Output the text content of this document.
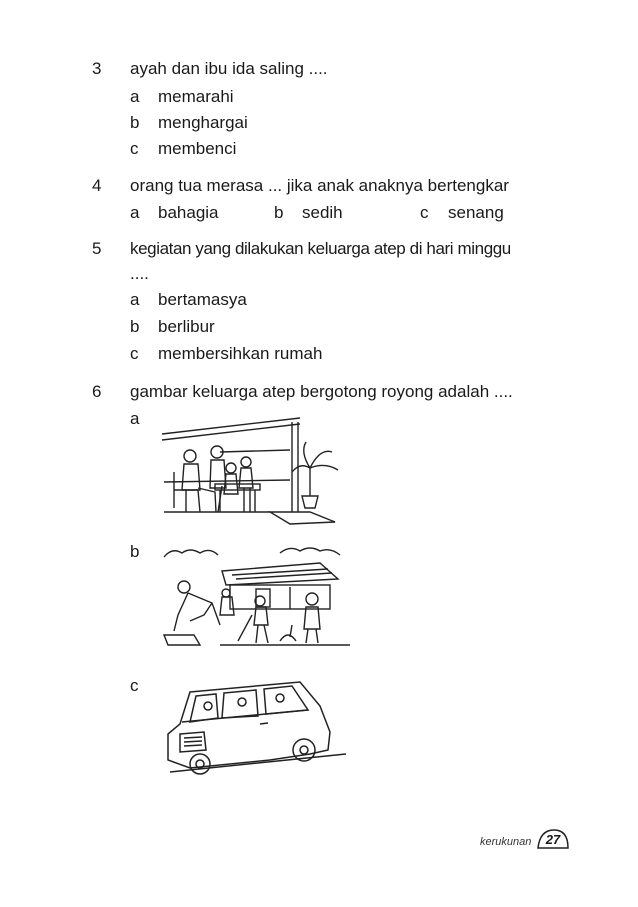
3 ayah dan ibu ida saling ....
a memarahi
b menghargai
c membenci
4 orang tua merasa ... jika anak anaknya bertengkar
a bahagia	b sedih	c senang
5 kegiatan yang dilakukan keluarga atep di hari minggu
....
a bertamasya
b berlibur
c membersihkan rumah
6 gambar keluarga atep bergotong royong adalah ....
a
b
c
kerukunan	27
